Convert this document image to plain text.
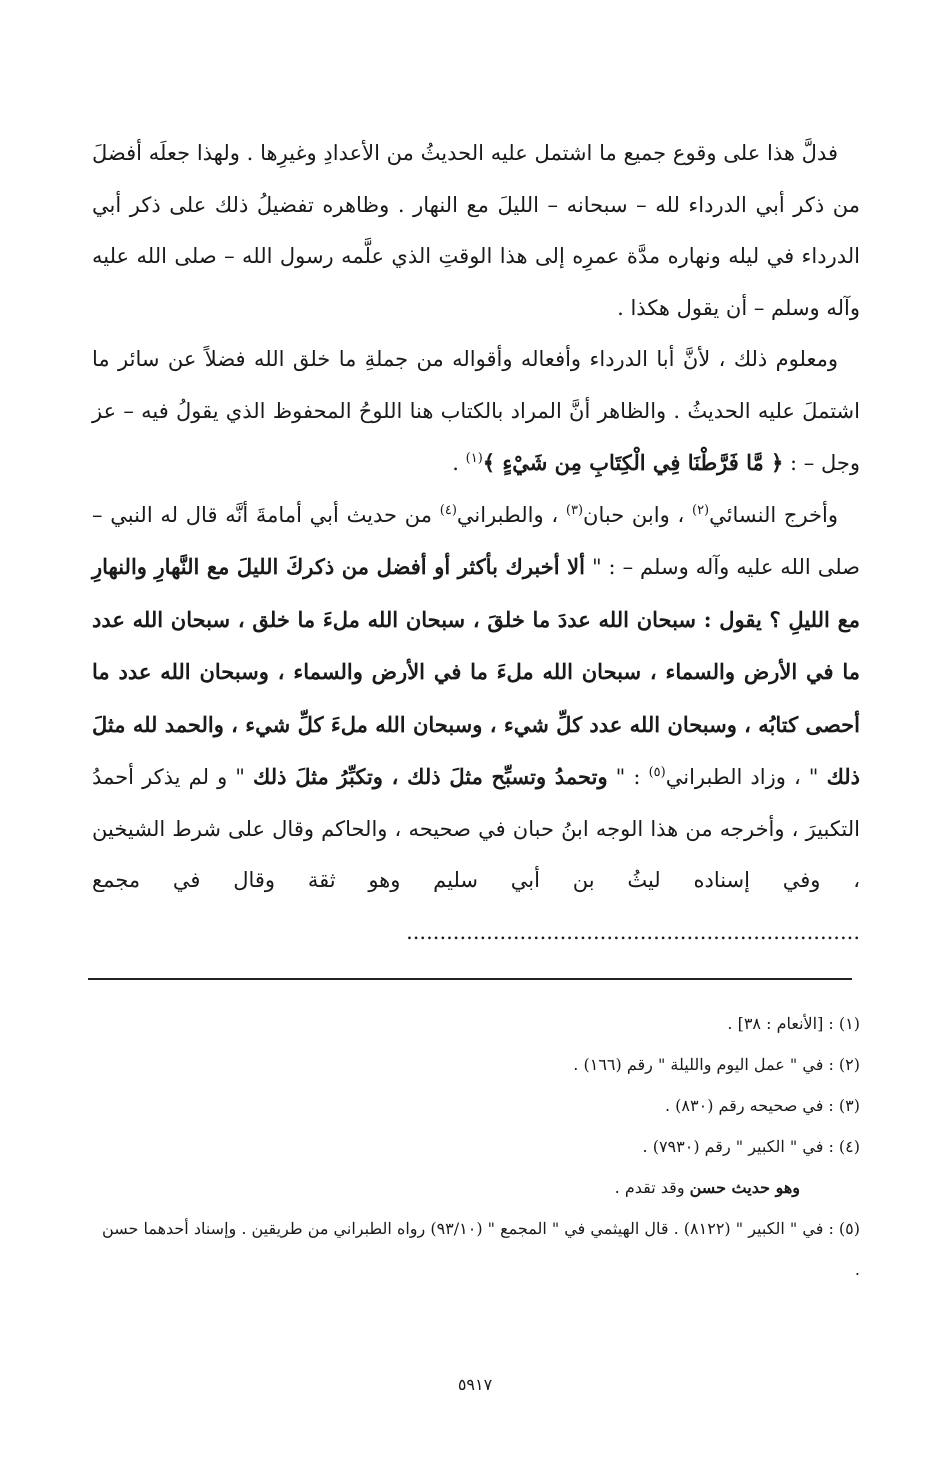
فدلَّ هذا على وقوع جميع ما اشتمل عليه الحديثُ من الأعدادِ وغيرِها . ولهذا جعلَه أفضلَ من ذكر أبي الدرداء لله – سبحانه – الليلَ مع النهار . وظاهره تفضيلُ ذلك على ذكر أبي الدرداء في ليله ونهاره مدَّة عمرِه إلى هذا الوقتِ الذي علَّمه رسول الله – صلى الله عليه وآله وسلم – أن يقول هكذا .

ومعلوم ذلك ، لأنَّ أبا الدرداء وأفعاله وأقواله من جملةِ ما خلق الله فضلاً عن سائر ما اشتملَ عليه الحديثُ . والظاهر أنَّ المراد بالكتاب هنا اللوحُ المحفوظ الذي يقولُ فيه – عز وجل – : ﴿ مَّا فَرَّطْنَا فِي الْكِتَابِ مِن شَيْءٍ ﴾$^{(١)}$ .

وأخرج النسائي$^{(٢)}$ ، وابن حبان$^{(٣)}$ ، والطبراني$^{(٤)}$ من حديث أبي أمامةَ أنَّه قال له النبي – صلى الله عليه وآله وسلم – : " ألا أخبرك بأكثر أو أفضل من ذكركَ الليلَ مع النَّهارِ والنهارِ مع الليلِ ؟ يقول : سبحان الله عددَ ما خلقَ ، سبحان الله ملءَ ما خلق ، سبحان الله عدد ما في الأرض والسماء ، سبحان الله ملءَ ما في الأرض والسماء ، وسبحان الله عدد ما أحصى كتابُه ، وسبحان الله عدد كلِّ شيء ، وسبحان الله ملءَ كلِّ شيء ، والحمد لله مثلَ ذلك " ، وزاد الطبراني$^{(٥)}$ : " وتحمدُ وتسبِّح مثلَ ذلك ، وتكبِّرُ مثلَ ذلك " و لم يذكر أحمدُ التكبيرَ ، وأخرجه من هذا الوجه ابنُ حبان في صحيحه ، والحاكم وقال على شرط الشيخين ، وفي إسناده ليثُ بن أبي سليم وهو ثقة وقال في مجمع ....................................................................

(١) : [الأنعام : ٣٨] .

(٢) : في " عمل اليوم والليلة " رقم (١٦٦) .

(٣) : في صحيحه رقم (٨٣٠) .

(٤) : في " الكبير " رقم (٧٩٣٠) .

وهو حديث حسن وقد تقدم .

(٥) : في " الكبير " (٨١٢٢) . قال الهيثمي في " المجمع " (٩٣/١٠) رواه الطبراني من طريقين . وإسناد أحدهما حسن .

٥٩١٧
